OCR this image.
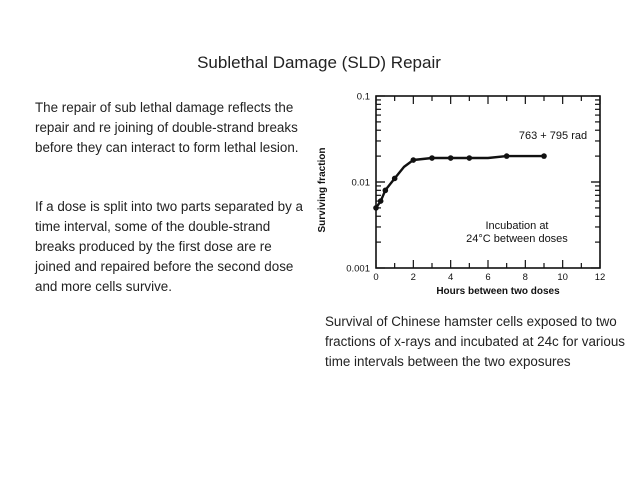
Sublethal Damage (SLD) Repair

The repair of sub lethal damage reflects the repair and re joining of double-strand breaks before they can interact to form lethal lesion.

If a dose is split into two parts separated by a time interval, some of the double-strand breaks produced by the first dose are re joined and repaired before the second dose and more cells survive.

0.001
0.01
0.1
0	2	4	6	8	10	12
Hours between two doses
Surviving fraction
763 + 795 rad
Incubation at
24°C between doses
Survival of Chinese hamster cells exposed to two fractions of x-rays and incubated at 24c for various time intervals between the two exposures
